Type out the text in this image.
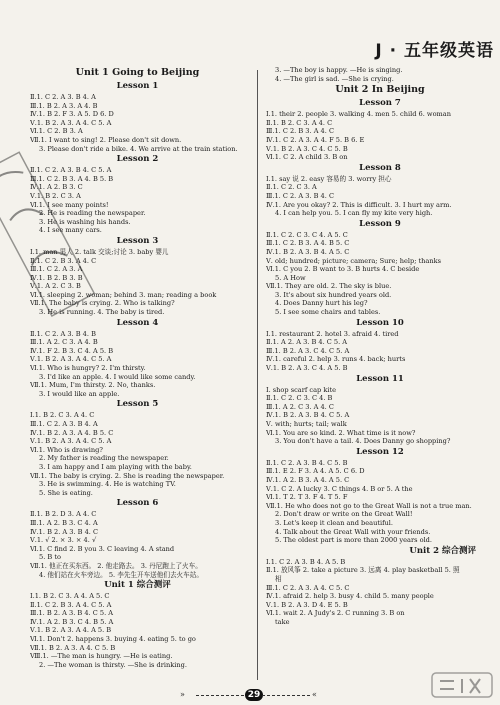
J · 五年级英语
Unit 1 Going to Beijing
Lesson 1
Ⅱ.1. C 2. A 3. B 4. A
Ⅲ.1. B 2. A 3. A 4. B
Ⅳ.1. B 2. F 3. A 5. D 6. D
Ⅴ.1. B 2. A 3. A 4. C 5. A
Ⅵ.1. C 2. B 3. A
Ⅶ.1. I want to sing! 2. Please don't sit down.
3. Please don't ride a bike. 4. We arrive at the train station.
Lesson 2
Ⅱ.1. C 2. A 3. B 4. C 5. A
Ⅲ.1. C 2. B 3. A 4. B 5. B
Ⅳ.1. A 2. B 3. C
Ⅴ.1. B 2. C 3. A
Ⅵ.1. I see many points!
2. He is reading the newspaper.
3. He is washing his hands.
4. I see many cars.
Lesson 3
Ⅰ.1. man 男人 2. talk 交谈;讨论 3. baby 婴儿
Ⅱ.1. C 2. B 3. A 4. C
Ⅲ.1. C 2. A 3. A
Ⅳ.1. B 2. B 3. B
Ⅴ.1. A 2. C 3. B
Ⅵ.1. sleeping 2. woman; behind 3. man; reading a book
Ⅶ.1. The baby is crying. 2. Who is talking?
3. He is running. 4. The baby is tired.
Lesson 4
Ⅱ.1. C 2. A 3. B 4. B
Ⅲ.1. A 2. C 3. A 4. B
Ⅳ.1. F 2. B 3. C 4. A 5. B
Ⅴ.1. B 2. A 3. A 4. C 5. A
Ⅵ.1. Who is hungry? 2. I'm thirsty.
3. I'd like an apple. 4. I would like some candy.
Ⅶ.1. Mum, I'm thirsty. 2. No, thanks.
3. I would like an apple.
Lesson 5
Ⅰ.1. B 2. C 3. A 4. C
Ⅲ.1. C 2. A 3. B 4. A
Ⅳ.1. B 2. A 3. A 4. B 5. C
Ⅴ.1. B 2. A 3. A 4. C 5. A
Ⅵ.1. Who is drawing?
2. My father is reading the newspaper.
3. I am happy and I am playing with the baby.
Ⅶ.1. The baby is crying. 2. She is reading the newspaper.
3. He is swimming. 4. He is watching TV.
5. She is eating.
Lesson 6
Ⅱ.1. B 2. D 3. A 4. C
Ⅲ.1. A 2. B 3. C 4. A
Ⅳ.1. B 2. A 3. B 4. C
Ⅴ.1. √ 2. × 3. × 4. √
Ⅵ.1. C find 2. B you 3. C leaving 4. A stand
5. B to
Ⅶ.1. 他正在买东西。 2. 他走路去。 3. 丹尼跑上了火车。
4. 他们站在火车旁边。 5. 李先生开车送他们去火车站。
Unit 1 综合测评
Ⅰ.1. B 2. C 3. A 4. A 5. C
Ⅱ.1. C 2. B 3. A 4. C 5. A
Ⅲ.1. B 2. A 3. B 4. C 5. A
Ⅳ.1. A 2. B 3. C 4. B 5. A
Ⅴ.1. B 2. A 3. A 4. A 5. B
Ⅵ.1. Don't 2. happens 3. buying 4. eating 5. to go
Ⅶ.1. B 2. A 3. A 4. C 5. B
Ⅷ.1. —The man is hungry. —He is eating.
2. —The woman is thirsty. —She is drinking.
3. —The boy is happy. —He is singing.
4. —The girl is sad. —She is crying.
Unit 2 In Beijing
Lesson 7
Ⅰ.1. their 2. people 3. walking 4. men 5. child 6. woman
Ⅱ.1. B 2. C 3. A 4. C
Ⅲ.1. C 2. B 3. A 4. C
Ⅳ.1. C 2. A 3. A 4. F 5. B 6. E
Ⅴ.1. B 2. A 3. C 4. C 5. B
Ⅵ.1. C 2. A child 3. B on
Lesson 8
Ⅰ.1. say 说 2. easy 容易的 3. worry 担心
Ⅱ.1. C 2. C 3. A
Ⅲ.1. C 2. A 3. B 4. C
Ⅳ.1. Are you okay? 2. This is difficult. 3. I hurt my arm.
4. I can help you. 5. I can fly my kite very high.
Lesson 9
Ⅱ.1. C 2. C 3. C 4. A 5. C
Ⅲ.1. C 2. B 3. A 4. B 5. C
Ⅳ.1. B 2. A 3. B 4. A 5. C
Ⅴ. old; hundred; picture; camera; Sure; help; thanks
Ⅵ.1. C you 2. B want to 3. B hurts 4. C beside
5. A How
Ⅶ.1. They are old. 2. The sky is blue.
3. It's about six hundred years old.
4. Does Danny hurt his leg?
5. I see some chairs and tables.
Lesson 10
Ⅰ.1. restaurant 2. hotel 3. afraid 4. tired
Ⅱ.1. A 2. A 3. B 4. C 5. A
Ⅲ.1. B 2. A 3. C 4. C 5. A
Ⅳ.1. careful 2. help 3. runs 4. back; hurts
Ⅴ.1. B 2. A 3. C 4. A 5. B
Lesson 11
Ⅰ. shop scarf cap kite
Ⅱ.1. C 2. C 3. C 4. B
Ⅲ.1. A 2. C 3. A 4. C
Ⅳ.1. B 2. A 3. B 4. C 5. A
Ⅴ. with; hurts; tail; walk
Ⅵ.1. You are so kind. 2. What time is it now?
3. You don't have a tail. 4. Does Danny go shopping?
Lesson 12
Ⅱ.1. C 2. A 3. B 4. C 5. B
Ⅲ.1. E 2. F 3. A 4. A 5. C 6. D
Ⅳ.1. A 2. B 3. A 4. A 5. C
Ⅴ.1. C 2. A lucky 3. C things 4. B or 5. A the
Ⅵ.1. T 2. T 3. F 4. T 5. F
Ⅶ.1. He who does not go to the Great Wall is not a true man.
2. Don't draw or write on the Great Wall!
3. Let's keep it clean and beautiful.
4. Talk about the Great Wall with your friends.
5. The oldest part is more than 2000 years old.
Unit 2 综合测评
Ⅰ.1. C 2. A 3. B 4. A 5. B
Ⅱ.1. 放风筝 2. take a picture 3. 远离 4. play basketball 5. 照
相
Ⅲ.1. C 2. A 3. A 4. C 5. C
Ⅳ.1. afraid 2. help 3. busy 4. child 5. many people
Ⅴ.1. B 2. A 3. D 4. E 5. B
Ⅵ.1. wait 2. A Judy's 2. C running 3. B on
take
»	29	«
